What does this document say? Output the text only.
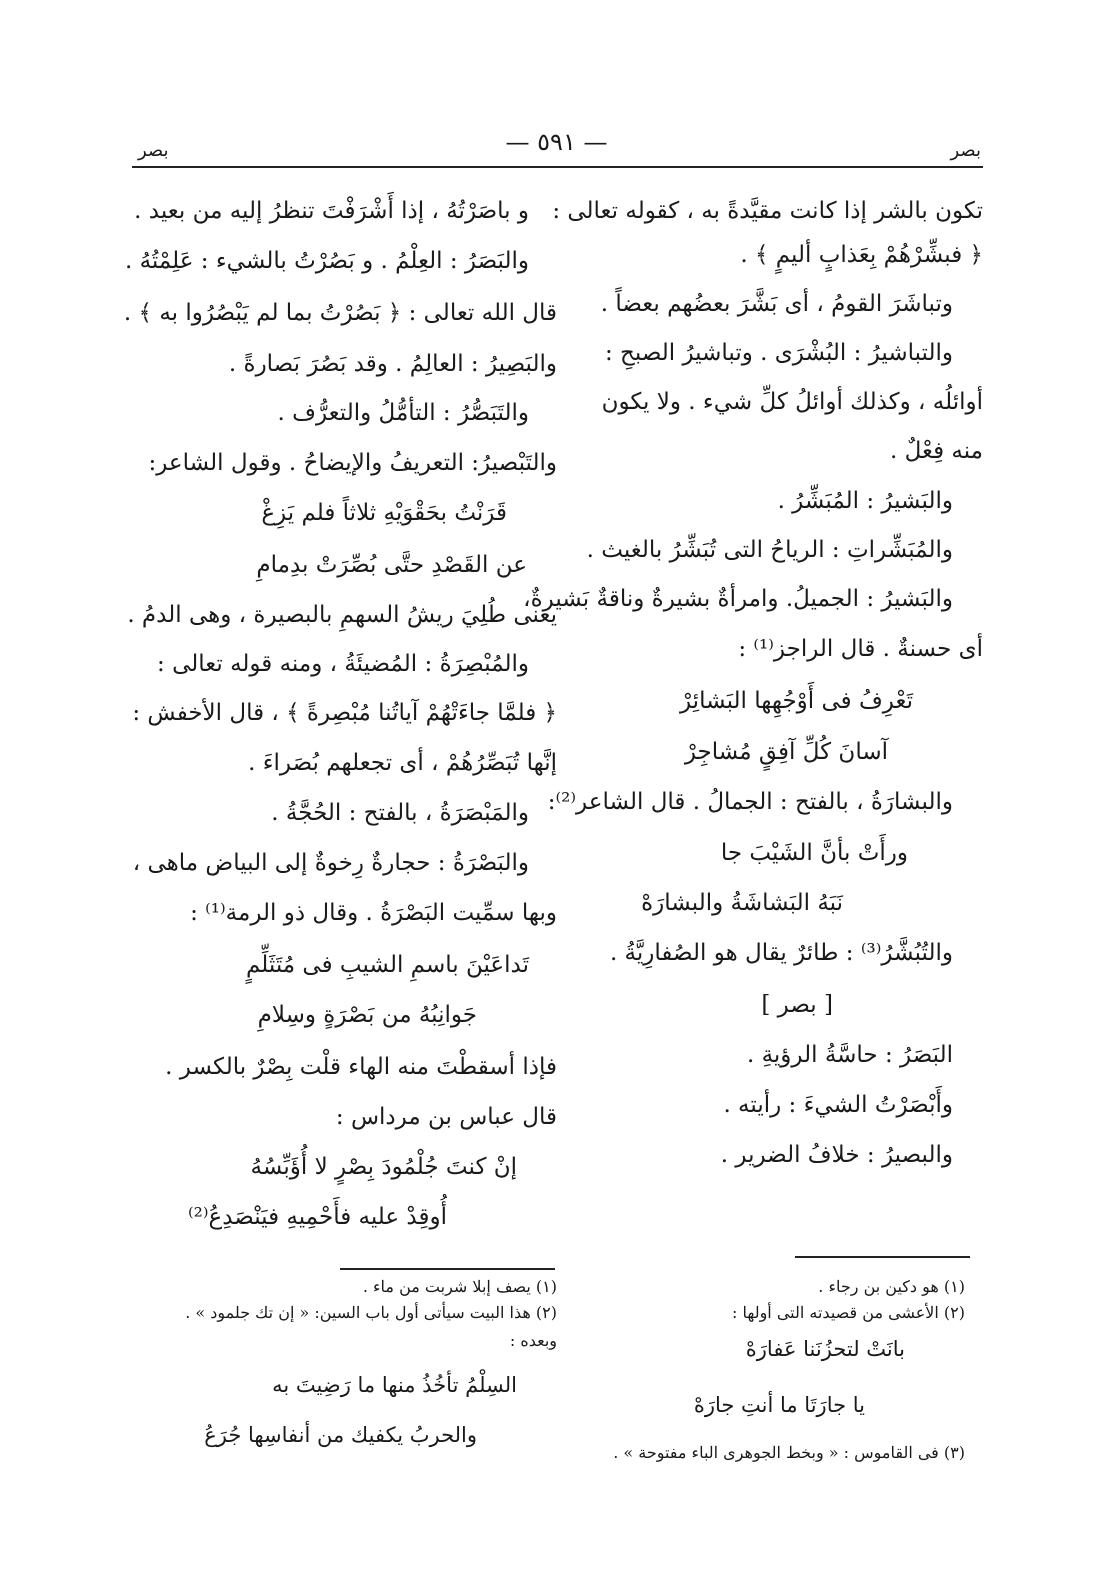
بصر
— ٥٩١ —
بصر
تكون بالشر إذا كانت مقيَّدةً به ، كقوله تعالى :
﴿ فبشِّرْهُمْ بِعَذابٍ أليمٍ ﴾ .
وتباشَرَ القومُ ، أى بَشَّرَ بعضُهم بعضاً .
والتباشيرُ : البُشْرَى . وتباشيرُ الصبحِ :
أوائلُه ، وكذلك أوائلُ كلِّ شيء . ولا يكون
منه فِعْلٌ .
والبَشيرُ : المُبَشِّرُ .
والمُبَشِّراتِ : الرياحُ التى تُبَشِّرُ بالغيث .
والبَشيرُ : الجميلُ. وامرأةٌ بشيرةٌ وناقةٌ بَشيرةٌ،
أى حسنةٌ . قال الراجز⁽¹⁾ :
تَعْرِفُ فى أَوْجُهِها البَشائِرْ
آسانَ كُلِّ آفِقٍ مُشاجِرْ
والبشارَةُ ، بالفتح : الجمالُ . قال الشاعر⁽²⁾:
ورأَتْ بأنَّ الشَيْبَ جا
نَبَهُ البَشاشَةُ والبشارَهْ
والتُبُشَّرُ⁽³⁾ : طائرٌ يقال هو الصُفارِيَّةُ .
[ بصر ]
البَصَرُ : حاسَّةُ الرؤيةِ .
وأَبْصَرْتُ الشيءَ : رأيته .
والبصيرُ : خلافُ الضرير .
و باصَرْتُهُ ، إذا أَشْرَفْتَ تنظرُ إليه من بعيد .
والبَصَرُ : العِلْمُ . و بَصُرْتُ بالشيء : عَلِمْتُهُ .
قال الله تعالى : ﴿ بَصُرْتُ بما لم يَبْصُرُوا به ﴾ .
والبَصِيرُ : العالِمُ . وقد بَصُرَ بَصارةً .
والتَبَصُّرُ : التأمُّلُ والتعرُّف .
والتَبْصيرُ: التعريفُ والإيضاحُ . وقول الشاعر:
قَرَنْتُ بحَقْوَيْهِ ثلاثاً فلم يَزِغْ
عن القَصْدِ حتَّى بُصِّرَتْ بدِمامِ
يعنى طُلِيَ ريشُ السهمِ بالبصيرة ، وهى الدمُ .
والمُبْصِرَةُ : المُضيئَةُ ، ومنه قوله تعالى :
﴿ فلمَّا جاءَتْهُمْ آياتُنا مُبْصِرةً ﴾ ، قال الأخفش :
إنَّها تُبَصِّرُهُمْ ، أى تجعلهم بُصَراءَ .
والمَبْصَرَةُ ، بالفتح : الحُجَّةُ .
والبَصْرَةُ : حجارةٌ رِخوةٌ إلى البياض ماهى ،
وبها سمِّيت البَصْرَةُ . وقال ذو الرمة⁽¹⁾ :
تَداعَيْنَ باسمِ الشيبِ فى مُتَثَلِّمٍ
جَوانِبُهُ من بَصْرَةٍ وسِلامِ
فإذا أسقطْتَ منه الهاء قلْت بِصْرٌ بالكسر .
قال عباس بن مرداس :
إنْ كنتَ جُلْمُودَ بِصْرٍ لا أُؤَبِّسُهُ
أُوقِدْ عليه فأَحْمِيهِ فيَنْصَدِعُ⁽²⁾
(١) هو دكين بن رجاء .
(٢) الأعشى من قصيدته التى أولها :
بانَتْ لتحزُنَنا عَفارَهْ
يا جارَتَا ما أنتِ جارَهْ
(٣) فى القاموس : « وبخط الجوهرى الباء مفتوحة » .
(١) يصف إبلا شربت من ماء .
(٢) هذا البيت سيأتى أول باب السين: « إن تك جلمود » .
وبعده :
السِلْمُ تأخُذُ منها ما رَضِيتَ به
والحربُ يكفيك من أنفاسِها جُرَعُ
